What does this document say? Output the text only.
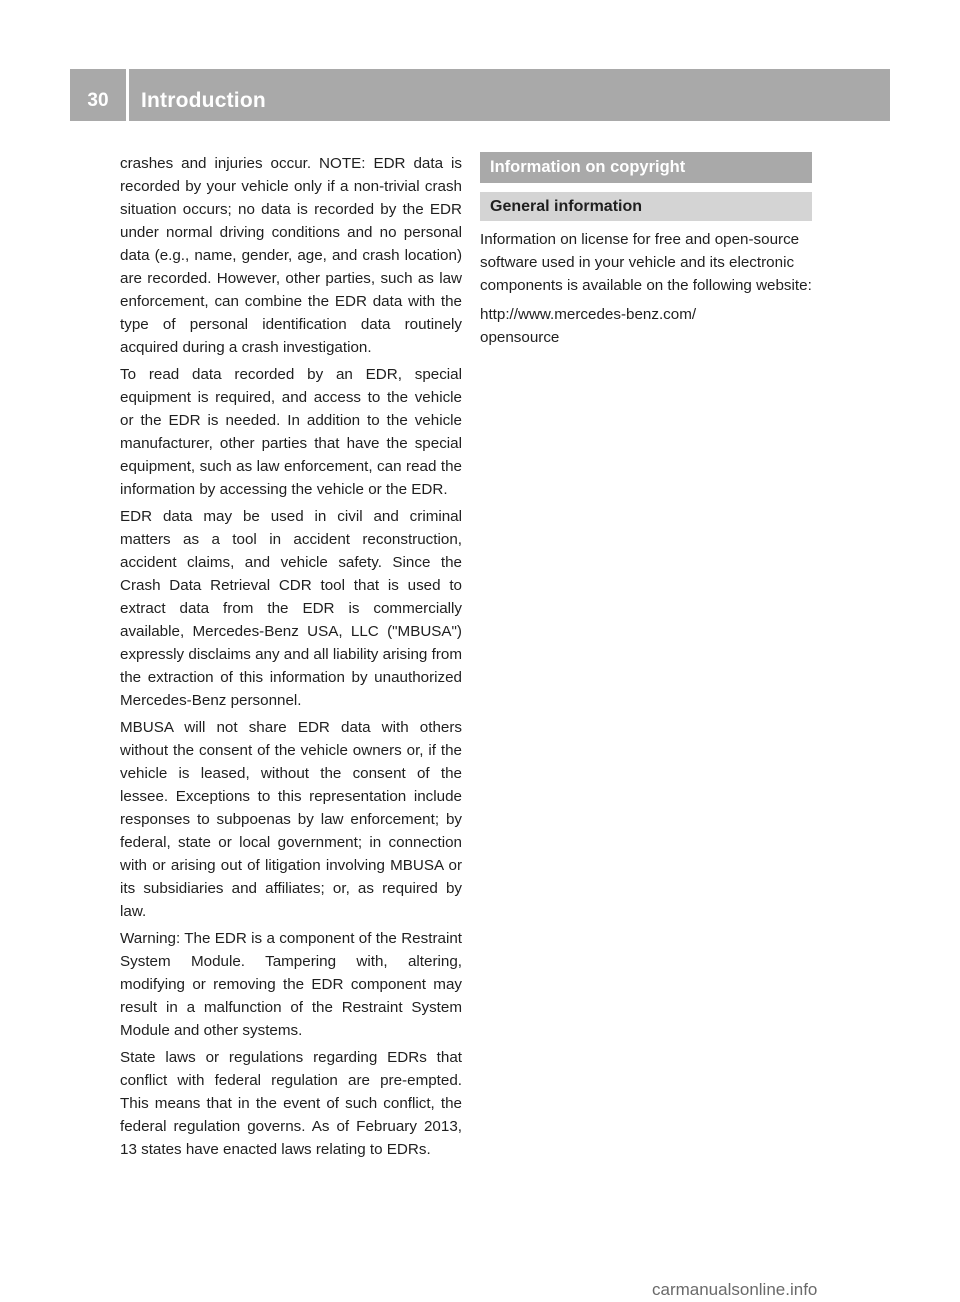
30	Introduction

crashes and injuries occur. NOTE: EDR data is recorded by your vehicle only if a non-trivial crash situation occurs; no data is recorded by the EDR under normal driving conditions and no personal data (e.g., name, gender, age, and crash location) are recorded. However, other parties, such as law enforcement, can combine the EDR data with the type of personal identification data routinely acquired during a crash investigation.

To read data recorded by an EDR, special equipment is required, and access to the vehicle or the EDR is needed. In addition to the vehicle manufacturer, other parties that have the special equipment, such as law enforcement, can read the information by accessing the vehicle or the EDR.

EDR data may be used in civil and criminal matters as a tool in accident reconstruction, accident claims, and vehicle safety. Since the Crash Data Retrieval CDR tool that is used to extract data from the EDR is commercially available, Mercedes-Benz USA, LLC ("MBUSA") expressly disclaims any and all liability arising from the extraction of this information by unauthorized Mercedes-Benz personnel.

MBUSA will not share EDR data with others without the consent of the vehicle owners or, if the vehicle is leased, without the consent of the lessee. Exceptions to this representation include responses to subpoenas by law enforcement; by federal, state or local government; in connection with or arising out of litigation involving MBUSA or its subsidiaries and affiliates; or, as required by law.

Warning: The EDR is a component of the Restraint System Module. Tampering with, altering, modifying or removing the EDR component may result in a malfunction of the Restraint System Module and other systems.

State laws or regulations regarding EDRs that conflict with federal regulation are pre-empted. This means that in the event of such conflict, the federal regulation governs. As of February 2013, 13 states have enacted laws relating to EDRs.

Information on copyright
General information

Information on license for free and open-source software used in your vehicle and its electronic components is available on the following website:

http://www.mercedes-benz.com/
opensource

carmanualsonline.info
